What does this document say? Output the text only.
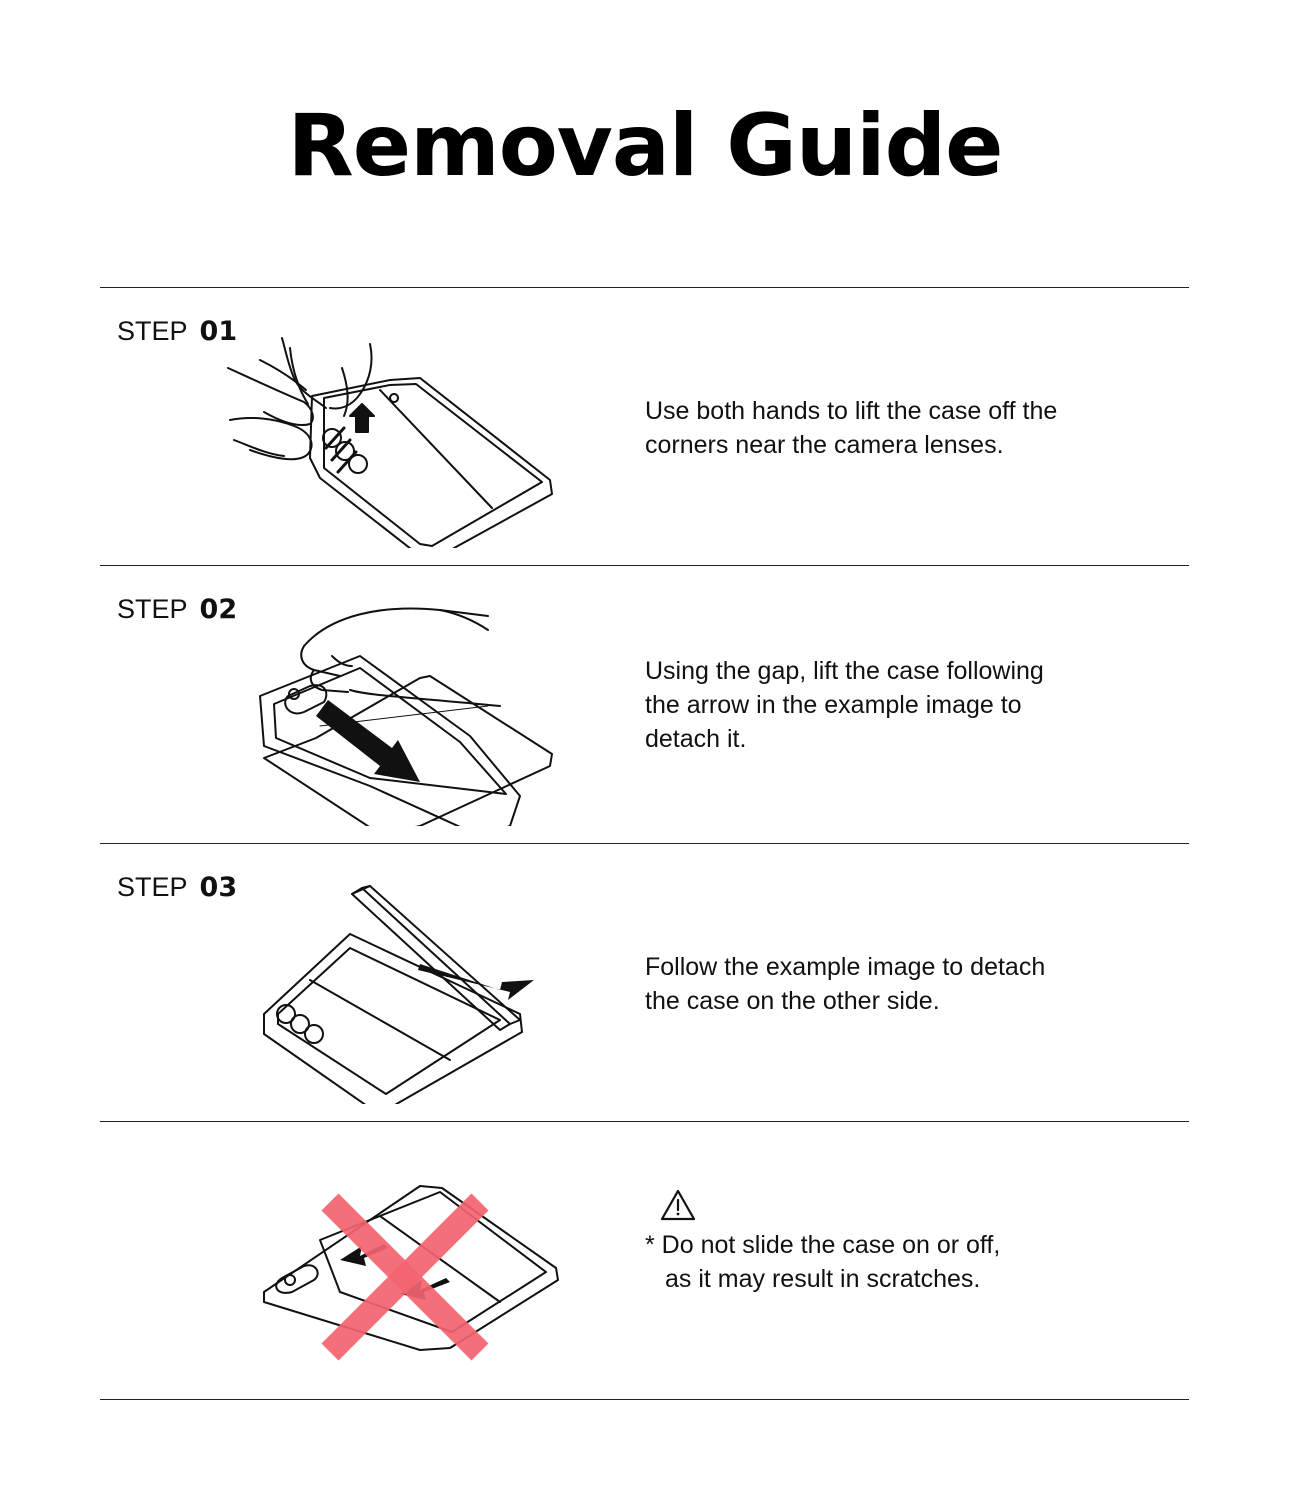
Removal Guide
STEP 01
Use both hands to lift the case off the
corners near the camera lenses.
STEP 02
Using the gap, lift the case following
the arrow in the example image to
detach it.
STEP 03
Follow the example image to detach
the case on the other side.
* Do not slide the case on or off,
as it may result in scratches.
